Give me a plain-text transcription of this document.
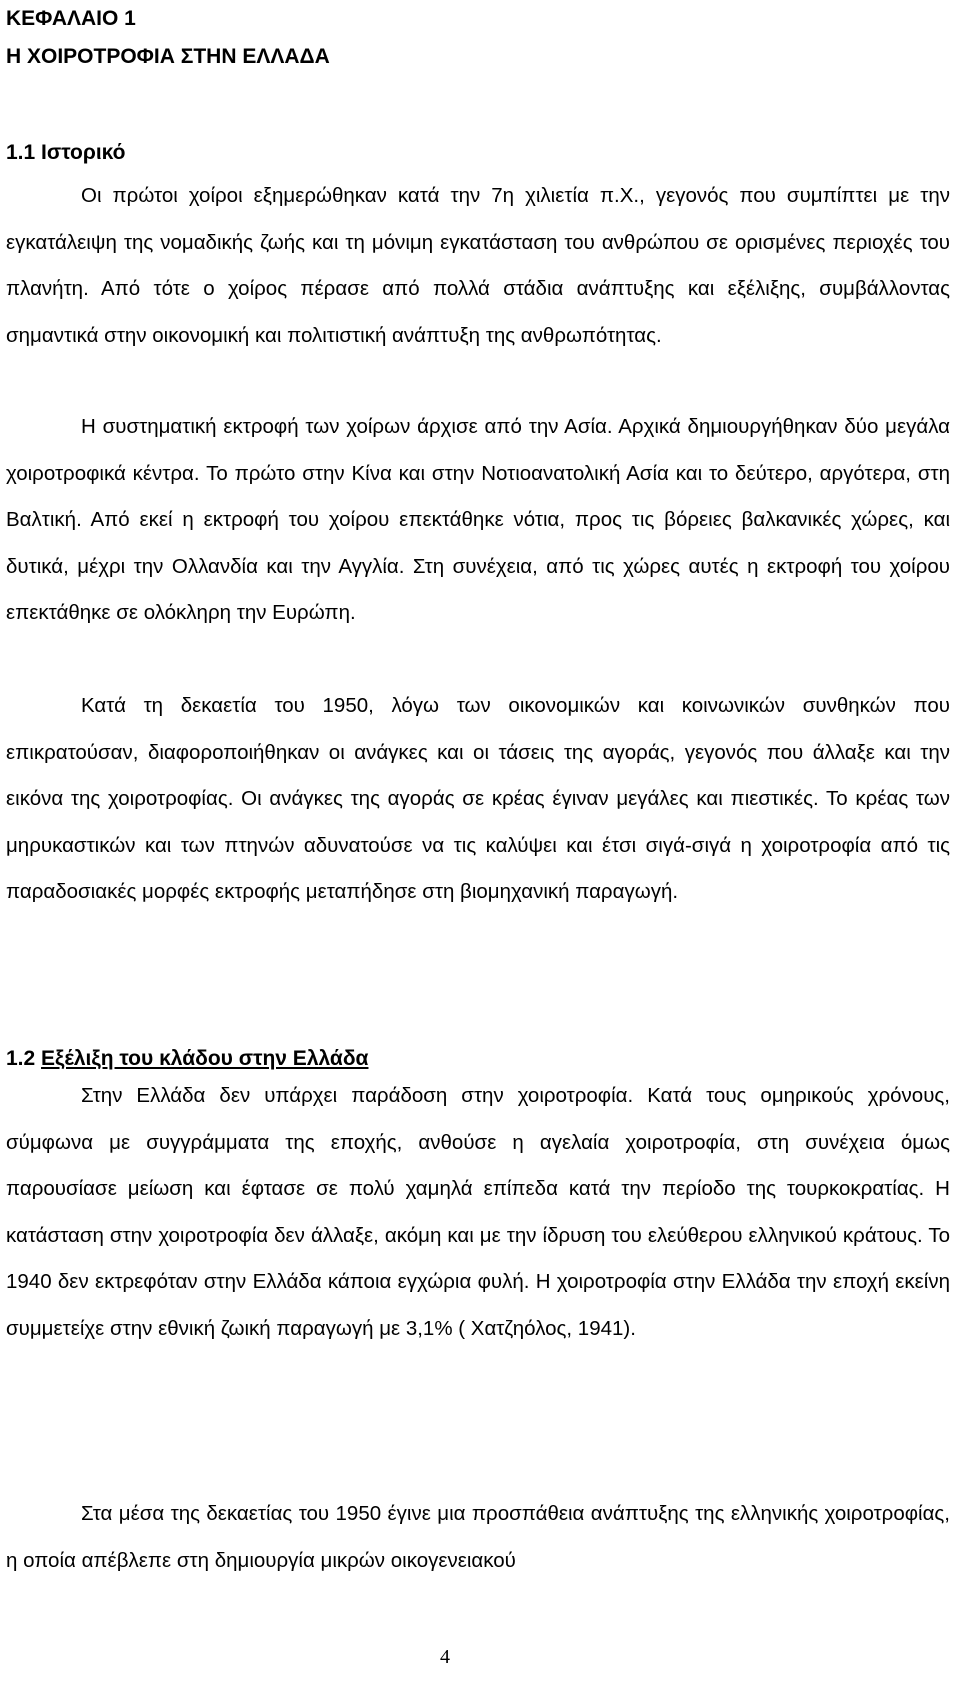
ΚΕΦΑΛΑΙΟ 1
Η ΧΟΙΡΟΤΡΟΦΙΑ ΣΤΗΝ ΕΛΛΑΔΑ
1.1 Ιστορικό

Οι πρώτοι χοίροι εξημερώθηκαν κατά την 7η χιλιετία π.Χ., γεγονός που συμπίπτει με την εγκατάλειψη της νομαδικής ζωής και τη μόνιμη εγκατάσταση του ανθρώπου σε ορισμένες περιοχές του πλανήτη. Από τότε ο χοίρος πέρασε από πολλά στάδια ανάπτυξης και εξέλιξης, συμβάλλοντας σημαντικά στην οικονομική και πολιτιστική ανάπτυξη της ανθρωπότητας.

Η συστηματική εκτροφή των χοίρων άρχισε από την Ασία. Αρχικά δημιουργήθηκαν δύο μεγάλα χοιροτροφικά κέντρα. Το πρώτο στην Κίνα και στην Νοτιοανατολική Ασία και το δεύτερο, αργότερα, στη Βαλτική. Από εκεί η εκτροφή του χοίρου επεκτάθηκε νότια, προς τις βόρειες βαλκανικές χώρες, και δυτικά, μέχρι την Ολλανδία και την Αγγλία. Στη συνέχεια, από τις χώρες αυτές η εκτροφή του χοίρου επεκτάθηκε σε ολόκληρη την Ευρώπη.

Κατά τη δεκαετία του 1950, λόγω των οικονομικών και κοινωνικών συνθηκών που επικρατούσαν, διαφοροποιήθηκαν οι ανάγκες και οι τάσεις της αγοράς, γεγονός που άλλαξε και την εικόνα της χοιροτροφίας. Οι ανάγκες της αγοράς σε κρέας έγιναν μεγάλες και πιεστικές. Το κρέας των μηρυκαστικών και των πτηνών αδυνατούσε να τις καλύψει και έτσι σιγά-σιγά η χοιροτροφία από τις παραδοσιακές μορφές εκτροφής μεταπήδησε στη βιομηχανική παραγωγή.

1.2 Εξέλιξη του κλάδου στην Ελλάδα

Στην Ελλάδα δεν υπάρχει παράδοση στην χοιροτροφία. Κατά τους ομηρικούς χρόνους, σύμφωνα με συγγράμματα της εποχής, ανθούσε η αγελαία χοιροτροφία, στη συνέχεια όμως παρουσίασε μείωση και έφτασε σε πολύ χαμηλά επίπεδα κατά την περίοδο της τουρκοκρατίας. Η κατάσταση στην χοιροτροφία δεν άλλαξε, ακόμη και με την ίδρυση του ελεύθερου ελληνικού κράτους. Το 1940 δεν εκτρεφόταν στην Ελλάδα κάποια εγχώρια φυλή. Η χοιροτροφία στην Ελλάδα την εποχή εκείνη συμμετείχε στην εθνική ζωική παραγωγή με 3,1% ( Χατζηόλος, 1941).

Στα μέσα της δεκαετίας του 1950 έγινε μια προσπάθεια ανάπτυξης της ελληνικής χοιροτροφίας, η οποία απέβλεπε στη δημιουργία μικρών οικογενειακού

4
